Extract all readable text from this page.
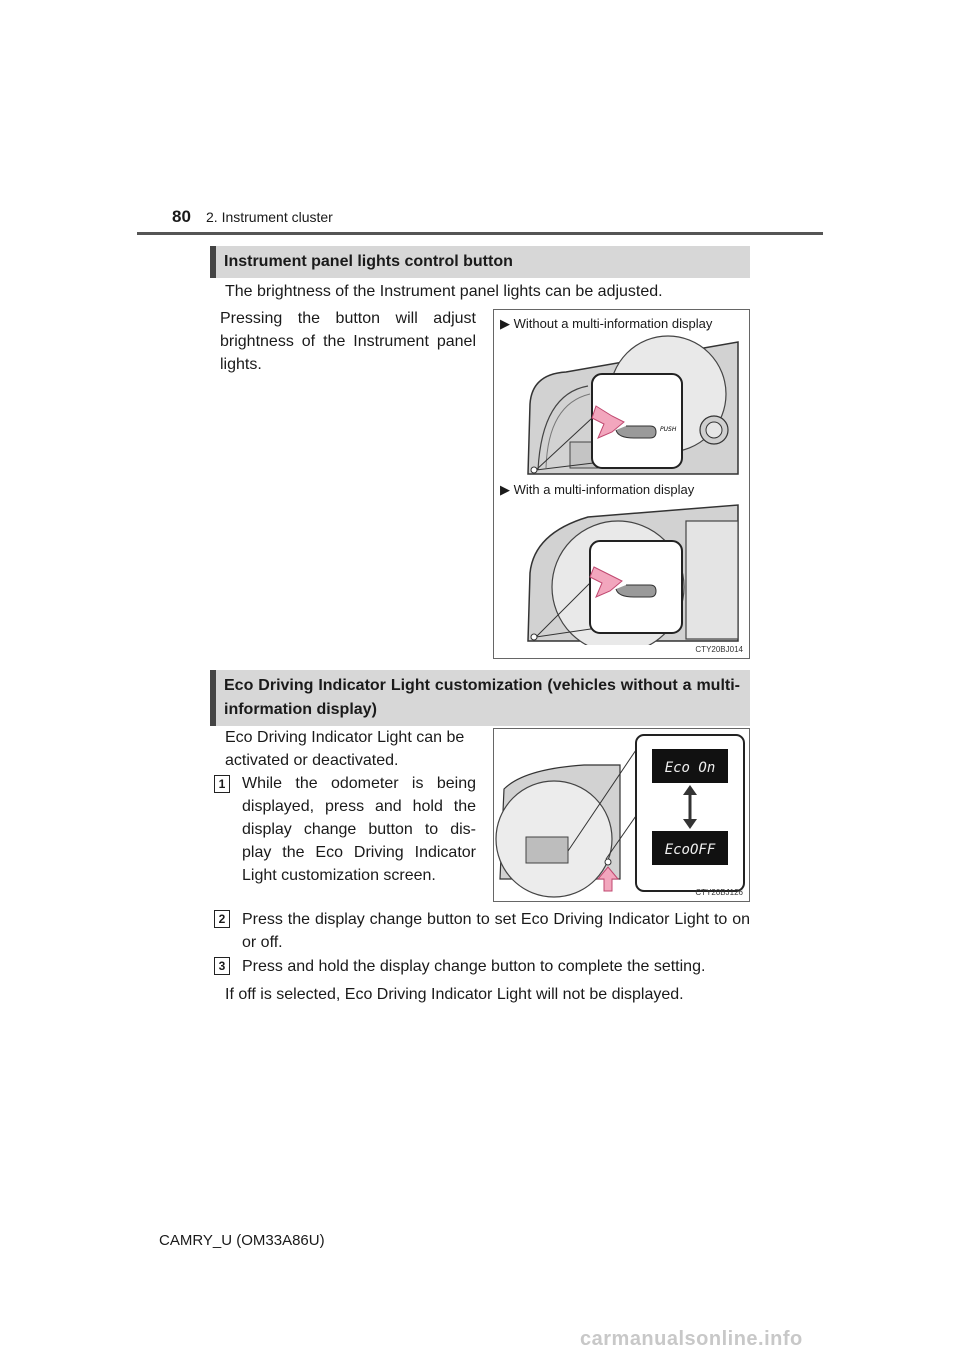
80 2. Instrument cluster
Instrument panel lights control button
The brightness of the Instrument panel lights can be adjusted.
Pressing the button will adjust brightness of the Instrument panel lights.
▶ Without a multi-information display
PUSH
▶ With a multi-information display
CTY20BJ014
Eco Driving Indicator Light customization (vehicles without a multi-information display)
Eco Driving Indicator Light can be activated or deactivated.
1 While the odometer is being displayed, press and hold the display change button to dis- play the Eco Driving Indicator Light customization screen.
Eco On
EcoOFF
CTY20BJ126
2 Press the display change button to set Eco Driving Indicator Light to on or off.
3 Press and hold the display change button to complete the setting.
If off is selected, Eco Driving Indicator Light will not be displayed.
CAMRY_U (OM33A86U)
carmanualsonline.info
